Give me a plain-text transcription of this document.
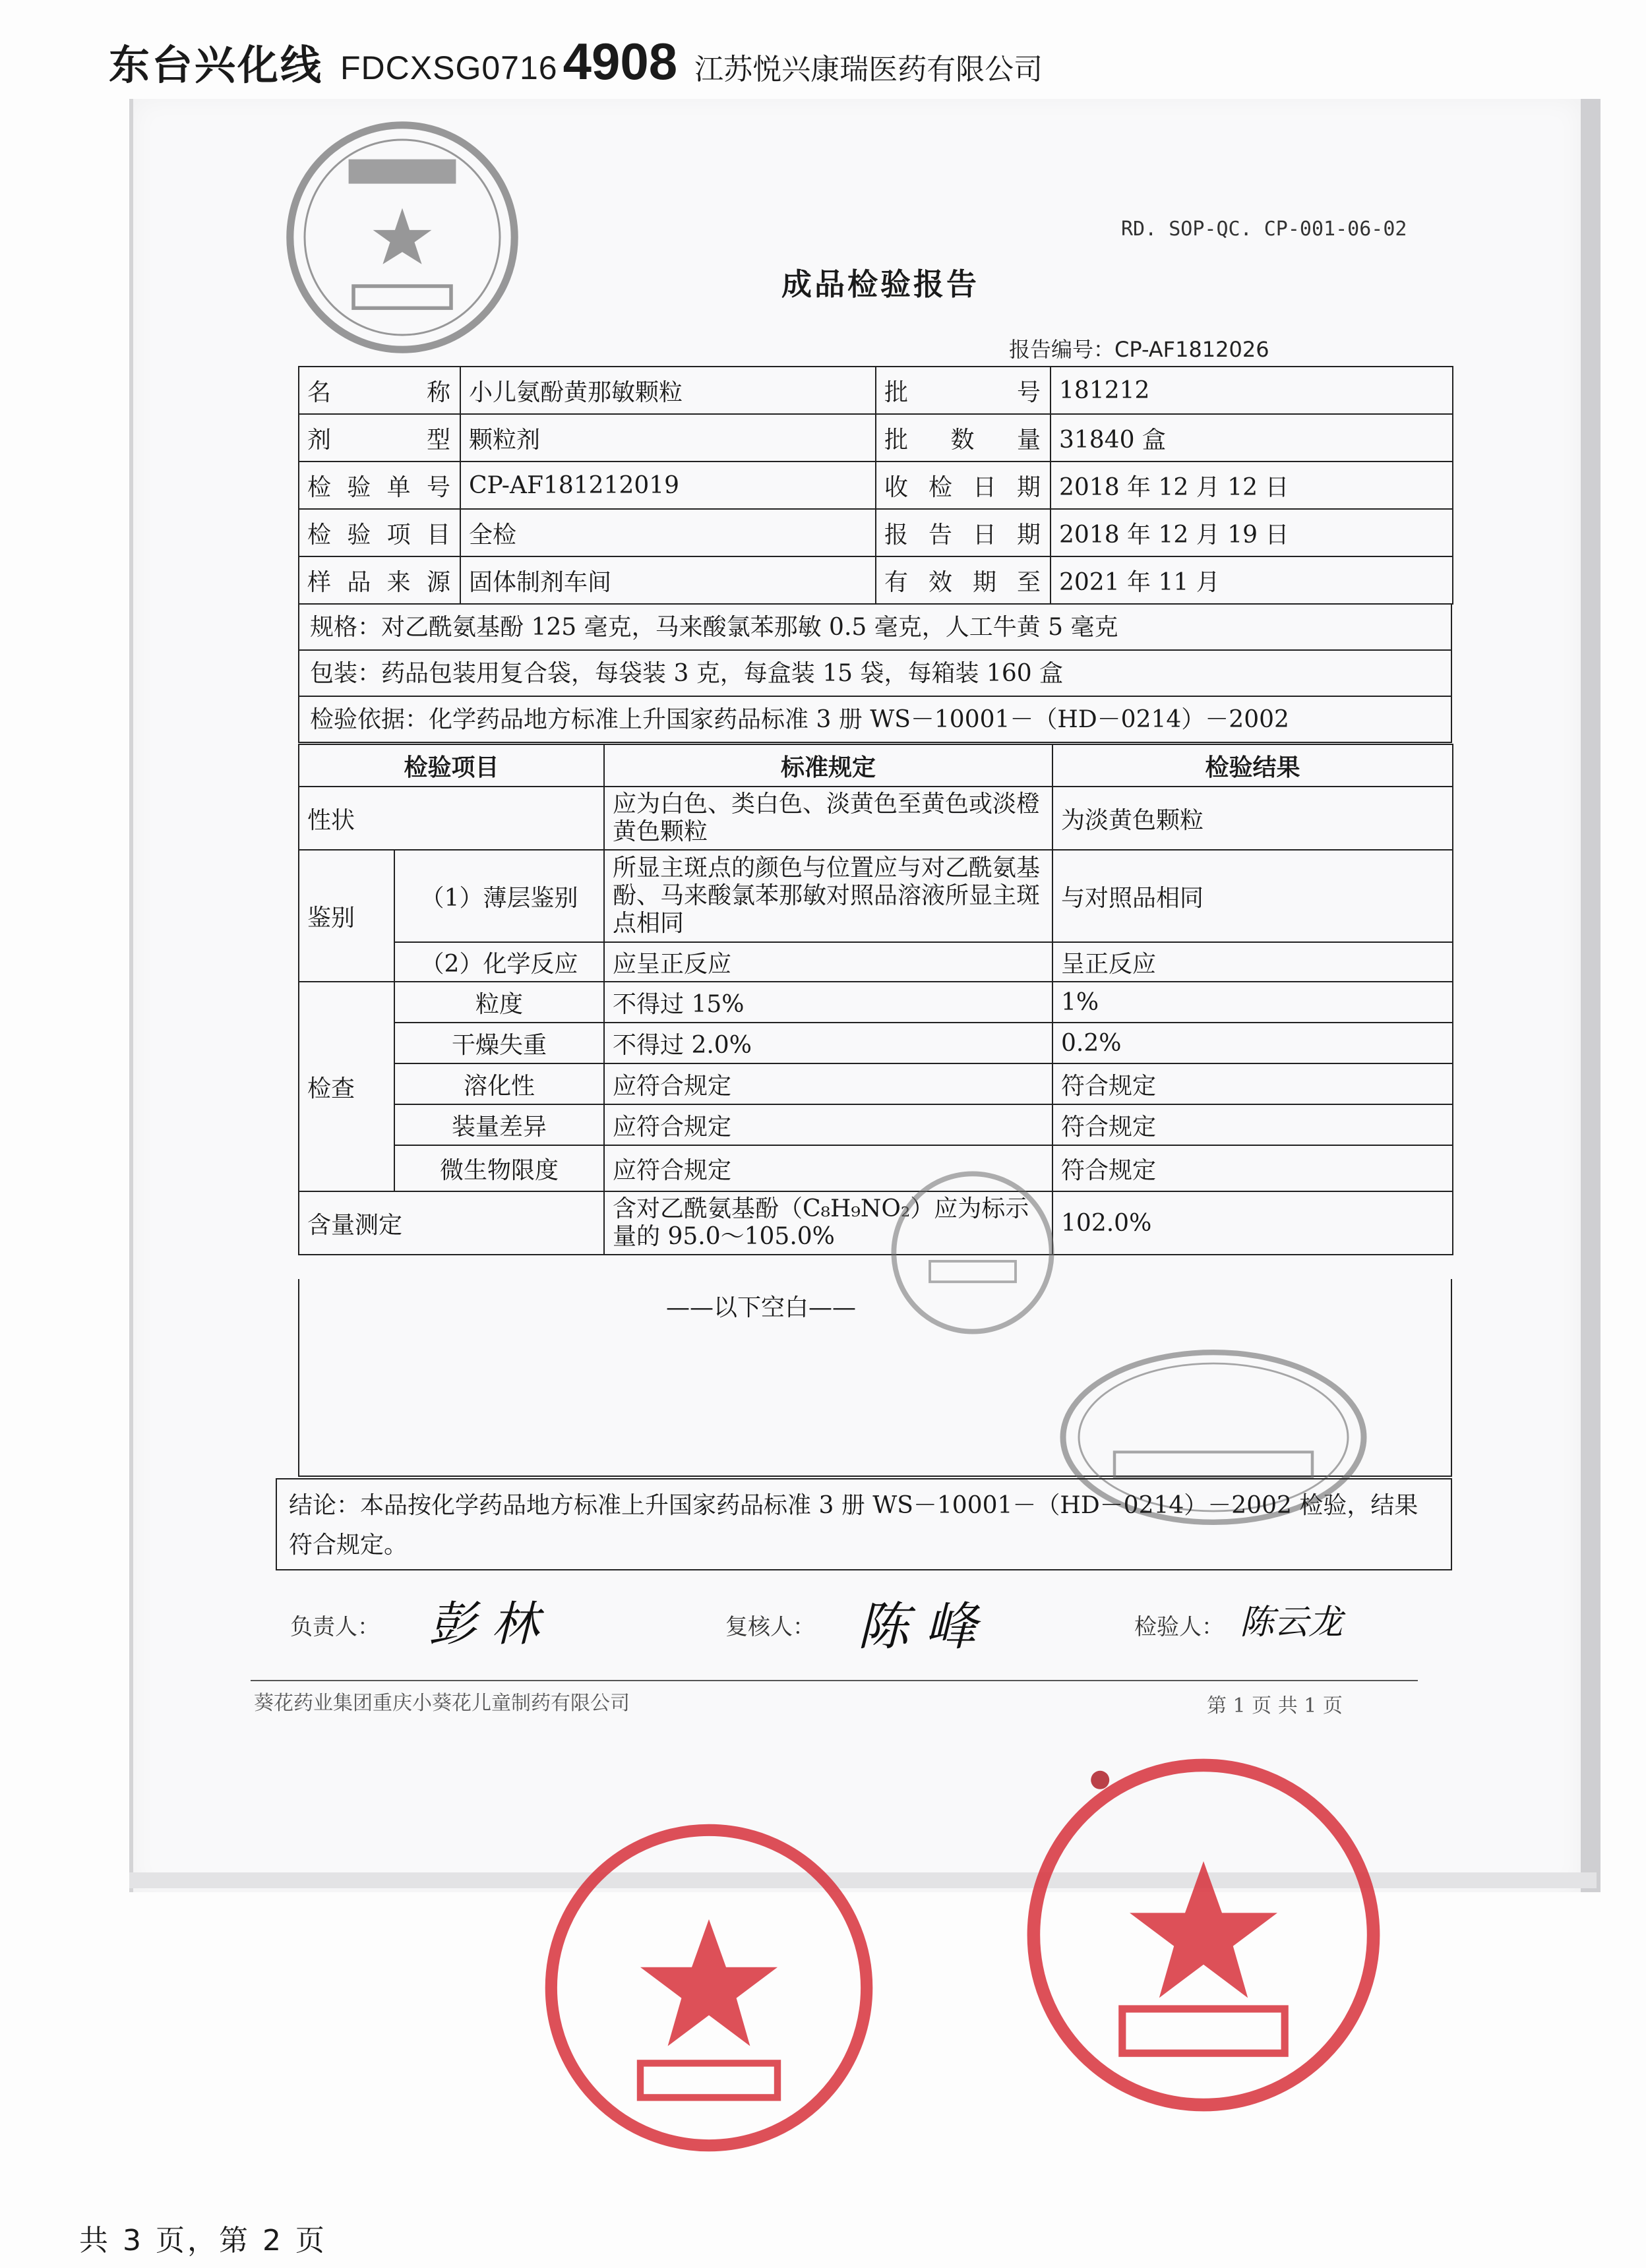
东台兴化线 FDCXSG0716 4908 江苏悦兴康瑞医药有限公司
RD. SOP-QC. CP-001-06-02
成品检验报告
报告编号：CP-AF1812026
名称	小儿氨酚黄那敏颗粒	批号	181212
剂型	颗粒剂	批数量	31840 盒
检验单号	CP-AF181212019	收检日期	2018 年 12 月 12 日
检验项目	全检	报告日期	2018 年 12 月 19 日
样品来源	固体制剂车间	有效期至	2021 年 11 月
规格：对乙酰氨基酚 125 毫克，马来酸氯苯那敏 0.5 毫克，人工牛黄 5 毫克
包装：药品包装用复合袋，每袋装 3 克，每盒装 15 袋，每箱装 160 盒
检验依据：化学药品地方标准上升国家药品标准 3 册 WS－10001－（HD－0214）－2002
检验项目		标准规定	检验结果
性状		应为白色、类白色、淡黄色至黄色或淡橙黄色颗粒	为淡黄色颗粒
鉴别	（1）薄层鉴别	所显主斑点的颜色与位置应与对乙酰氨基酚、马来酸氯苯那敏对照品溶液所显主斑点相同	与对照品相同
	（2）化学反应	应呈正反应	呈正反应
检查	粒度	不得过 15%	1%
	干燥失重	不得过 2.0%	0.2%
	溶化性	应符合规定	符合规定
	装量差异	应符合规定	符合规定
	微生物限度	应符合规定	符合规定
含量测定		含对乙酰氨基酚（C₈H₉NO₂）应为标示量的 95.0～105.0%	102.0%
——以下空白——
结论：本品按化学药品地方标准上升国家药品标准 3 册 WS－10001－（HD－0214）－2002 检验，结果符合规定。
负责人： 彭 林	复核人： 陈 峰	检验人： 陈云龙
葵花药业集团重庆小葵花儿童制药有限公司	第 1 页 共 1 页
共 3 页，第 2 页
